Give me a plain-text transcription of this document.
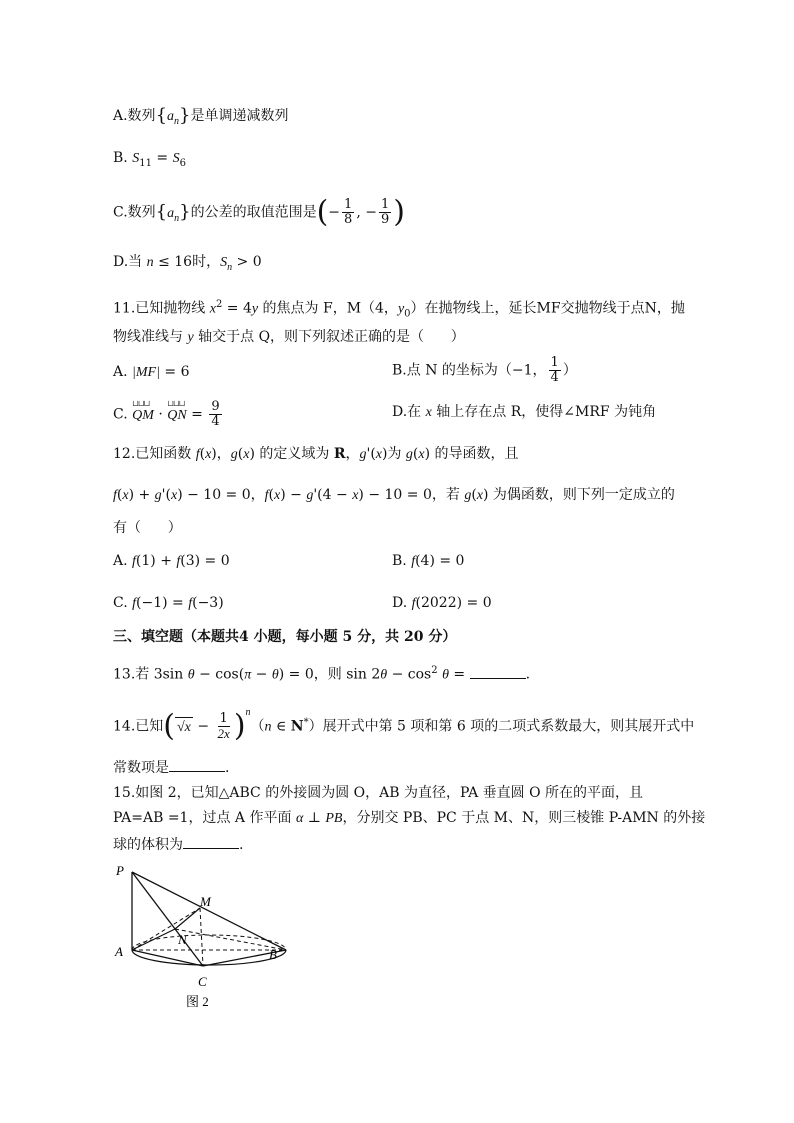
A.数列$\{a_n\}$是单调递减数列
B. $S_{11} = S_6$
C.数列$\{a_n\}$的公差的取值范围是(− $\frac{1}{8}$ , − $\frac{1}{9}$ )
D.当 n ≤ 16时，$S_n > 0$
11.已知抛物线 $x^2 = 4y$ 的焦点为 F，M（4，$y_0$）在抛物线上，延长MF交抛物线于点N，抛
物线准线与 y 轴交于点 Q，则下列叙述正确的是（      ）
A. |MF| = 6	B.点 N 的坐标为（−1， $\frac{1}{4}$ ）
C. ⊔⊔⊔ QM · ⊔⊔⊔ QN = $\frac{9}{4}$	D.在 x 轴上存在点 R，使得∠MRF 为钝角
12.已知函数 f(x)，g(x) 的定义域为 R，g'(x)为 g(x) 的导函数，且
f(x) + g'(x) − 10 = 0，f(x) − g'(4 − x) − 10 = 0，若 g(x) 为偶函数，则下列一定成立的
有（      ）
A. f(1) + f(3) = 0	B. f(4) = 0
C. f(−1) = f(−3)	D. f(2022) = 0
三、填空题（本题共4 小题，每小题 5 分，共 20 分）
13.若 3sin θ − cos(π − θ) = 0，则 $\sin 2\theta - \cos^2 \theta$ =	.
14.已知( $√x - \frac{1}{2x} )^n(n$ ∈ N*）展开式中第 5 项和第 6 项的二项式系数最大，则其展开式中
常数项是	.
15.如图 2，已知△ABC 的外接圆为圆 O，AB 为直径，PA 垂直圆 O 所在的平面，且
PA=AB =1，过点 A 作平面 α ⊥ PB，分别交 PB、PC 于点 M、N，则三棱锥 P-AMN 的外接
球的体积为	.
P
M
N
A	B
C
图 2
